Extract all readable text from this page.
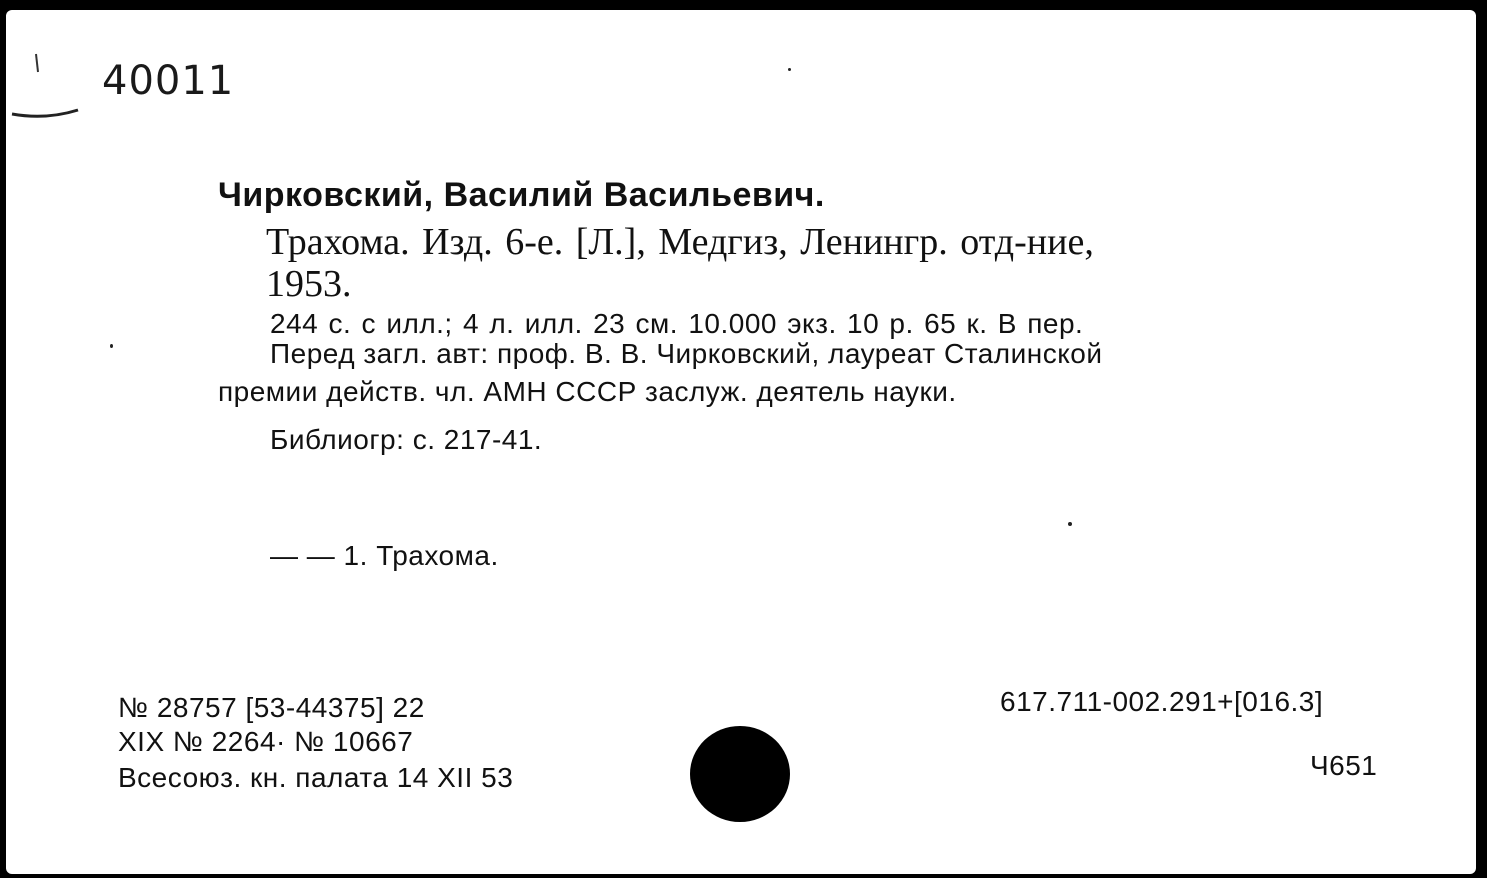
40011
Чирковский, Василий Васильевич.
Трахома. Изд. 6-е. [Л.], Медгиз, Ленингр. отд-ние,
1953.
244 с. с илл.; 4 л. илл. 23 см. 10.000 экз. 10 р. 65 к. В пер.
Перед загл. авт: проф. В. В. Чирковский, лауреат Сталинской
премии действ. чл. АМН СССР заслуж. деятель науки.
Библиогр: с. 217-41.
— — 1. Трахома.
№ 28757 [53-44375] 22
XIX № 2264· № 10667
Всесоюз. кн. палата 14 XII 53
617.711-002.291+[016.3]
Ч651
